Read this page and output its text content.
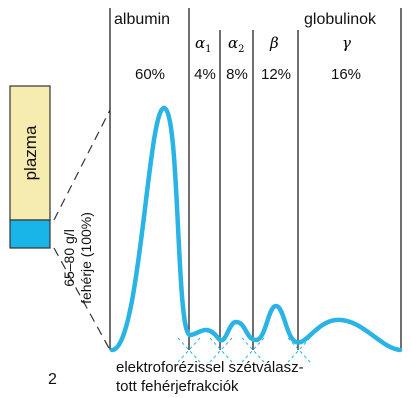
plazma
65–80 g/l fehérje (100%)
albumin	globulinok
$\alpha_1$ $\alpha_2$ β	γ
60% 4% 8% 12%	16%
elektroforézissel szétválasz-
tott fehérjefrakciók
2
